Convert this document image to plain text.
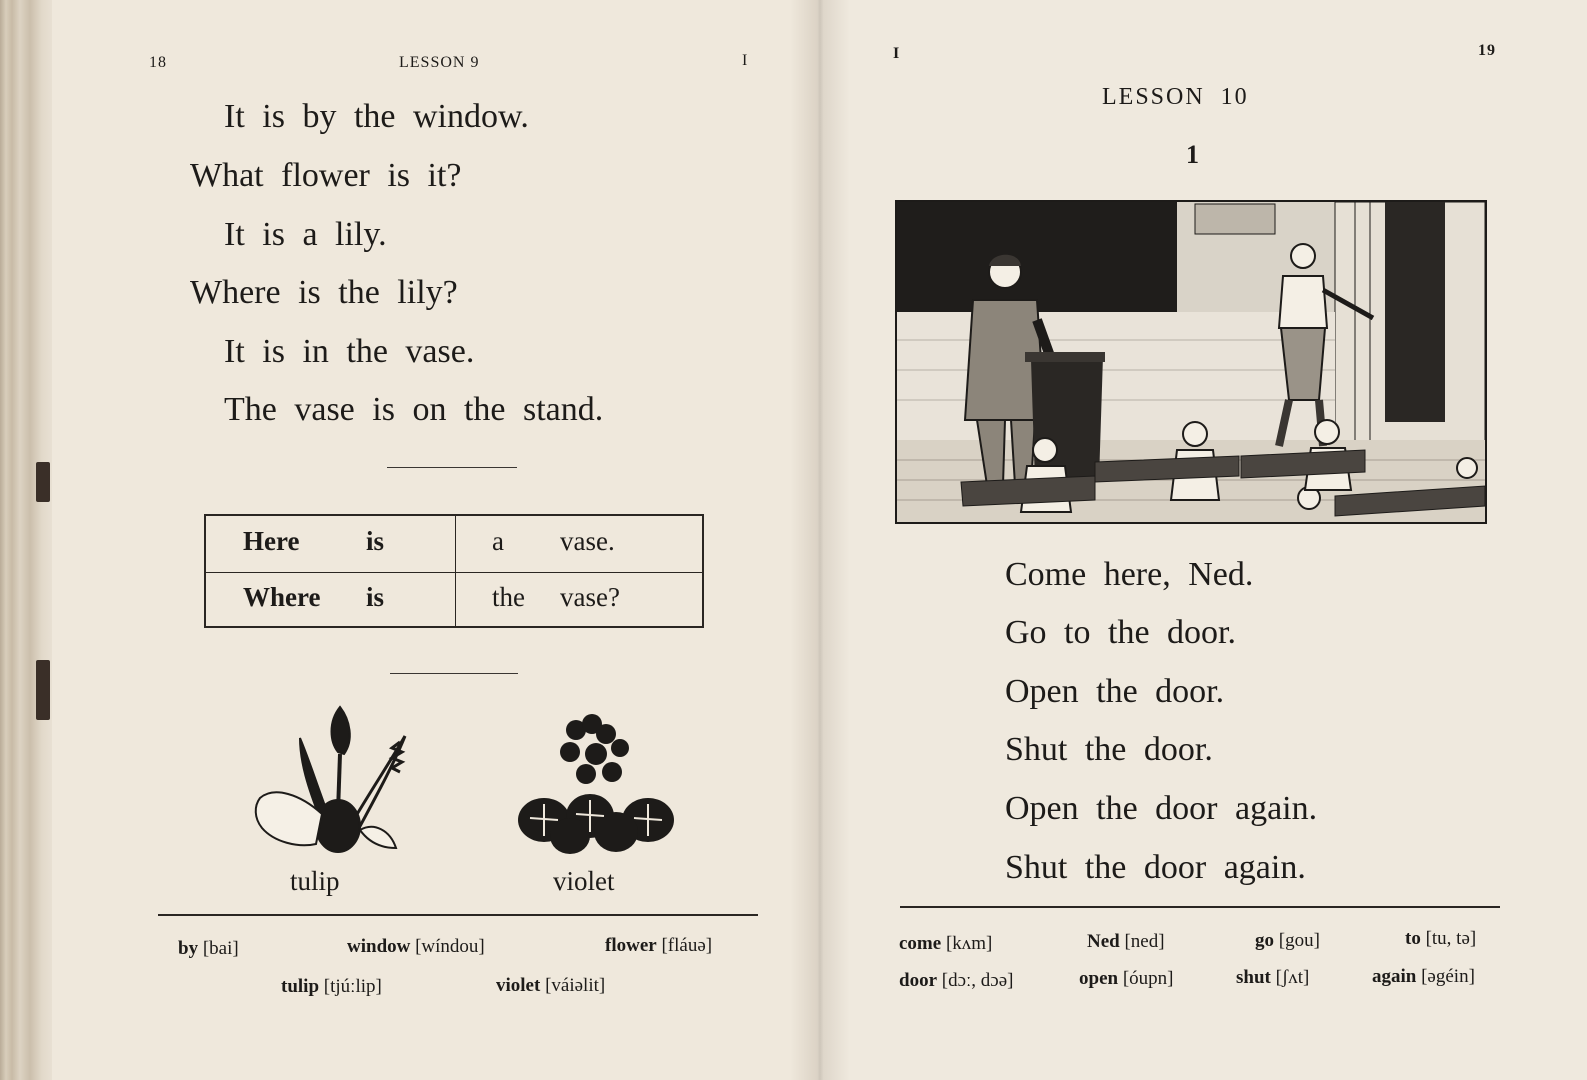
18	LESSON 9	I
It is by the window.
What flower is it?
It is a lily.
Where is the lily?
It is in the vase.
The vase is on the stand.
Here is	a vase.
Where is	the vase?
tulip	violet
by [bai]	window [wíndou]	flower [fláuə]
tulip [tjúːlip]	violet [váiəlit]
I	19
LESSON 10
1
Come here, Ned.
Go to the door.
Open the door.
Shut the door.
Open the door again.
Shut the door again.
come [kʌm]	Ned [ned]	go [gou]	to [tu, tə]
door [dɔː, dɔə]	open [óupn]	shut [ʃʌt]	again [əgéin]
